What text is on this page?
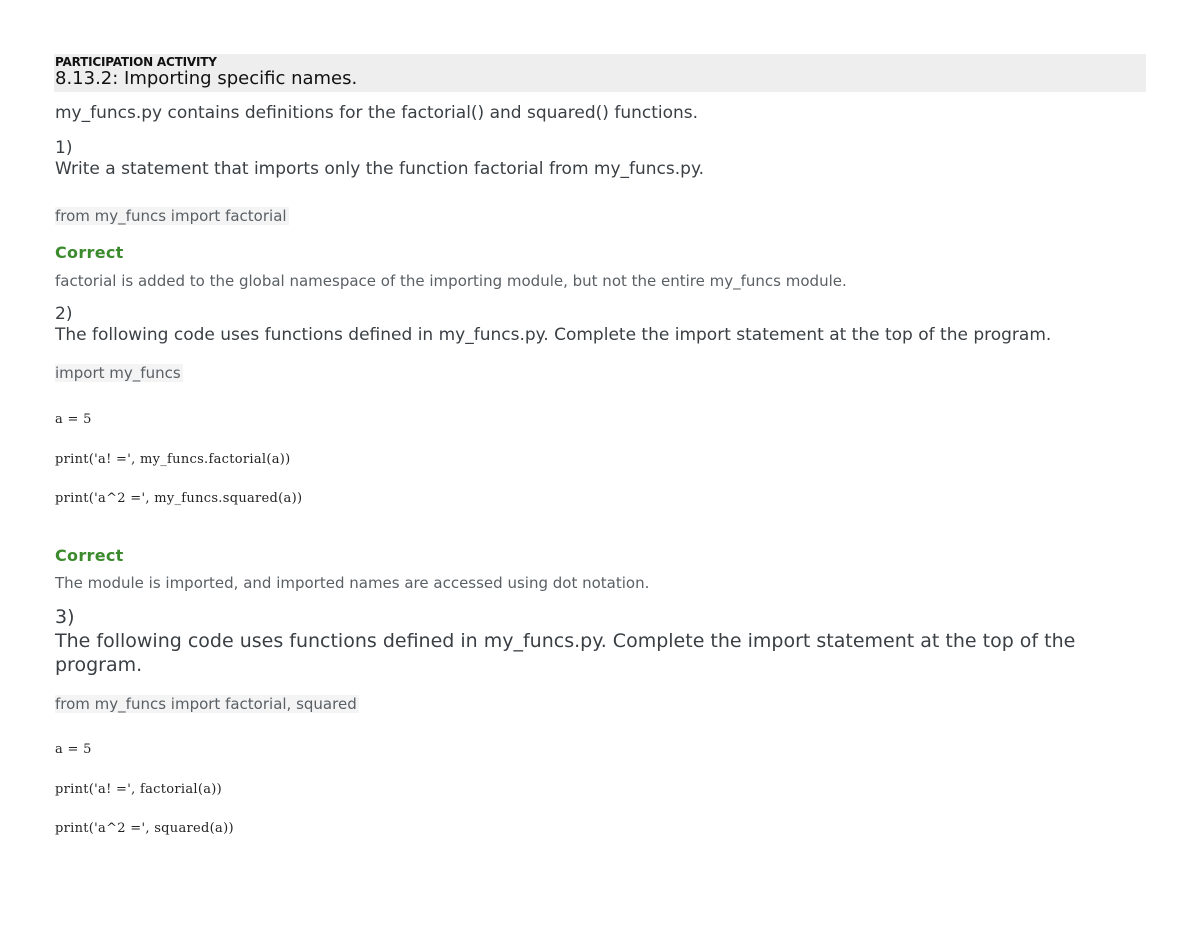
PARTICIPATION ACTIVITY
8.13.2: Importing specific names.
my_funcs.py contains definitions for the factorial() and squared() functions.
1)
Write a statement that imports only the function factorial from my_funcs.py.
from my_funcs import factorial
Correct
factorial is added to the global namespace of the importing module, but not the entire my_funcs module.
2)
The following code uses functions defined in my_funcs.py. Complete the import statement at the top of the program.
import my_funcs
a = 5
print('a! =', my_funcs.factorial(a))
print('a^2 =', my_funcs.squared(a))
Correct
The module is imported, and imported names are accessed using dot notation.
3)
The following code uses functions defined in my_funcs.py. Complete the import statement at the top of the program.
from my_funcs import factorial, squared
a = 5
print('a! =', factorial(a))
print('a^2 =', squared(a))
